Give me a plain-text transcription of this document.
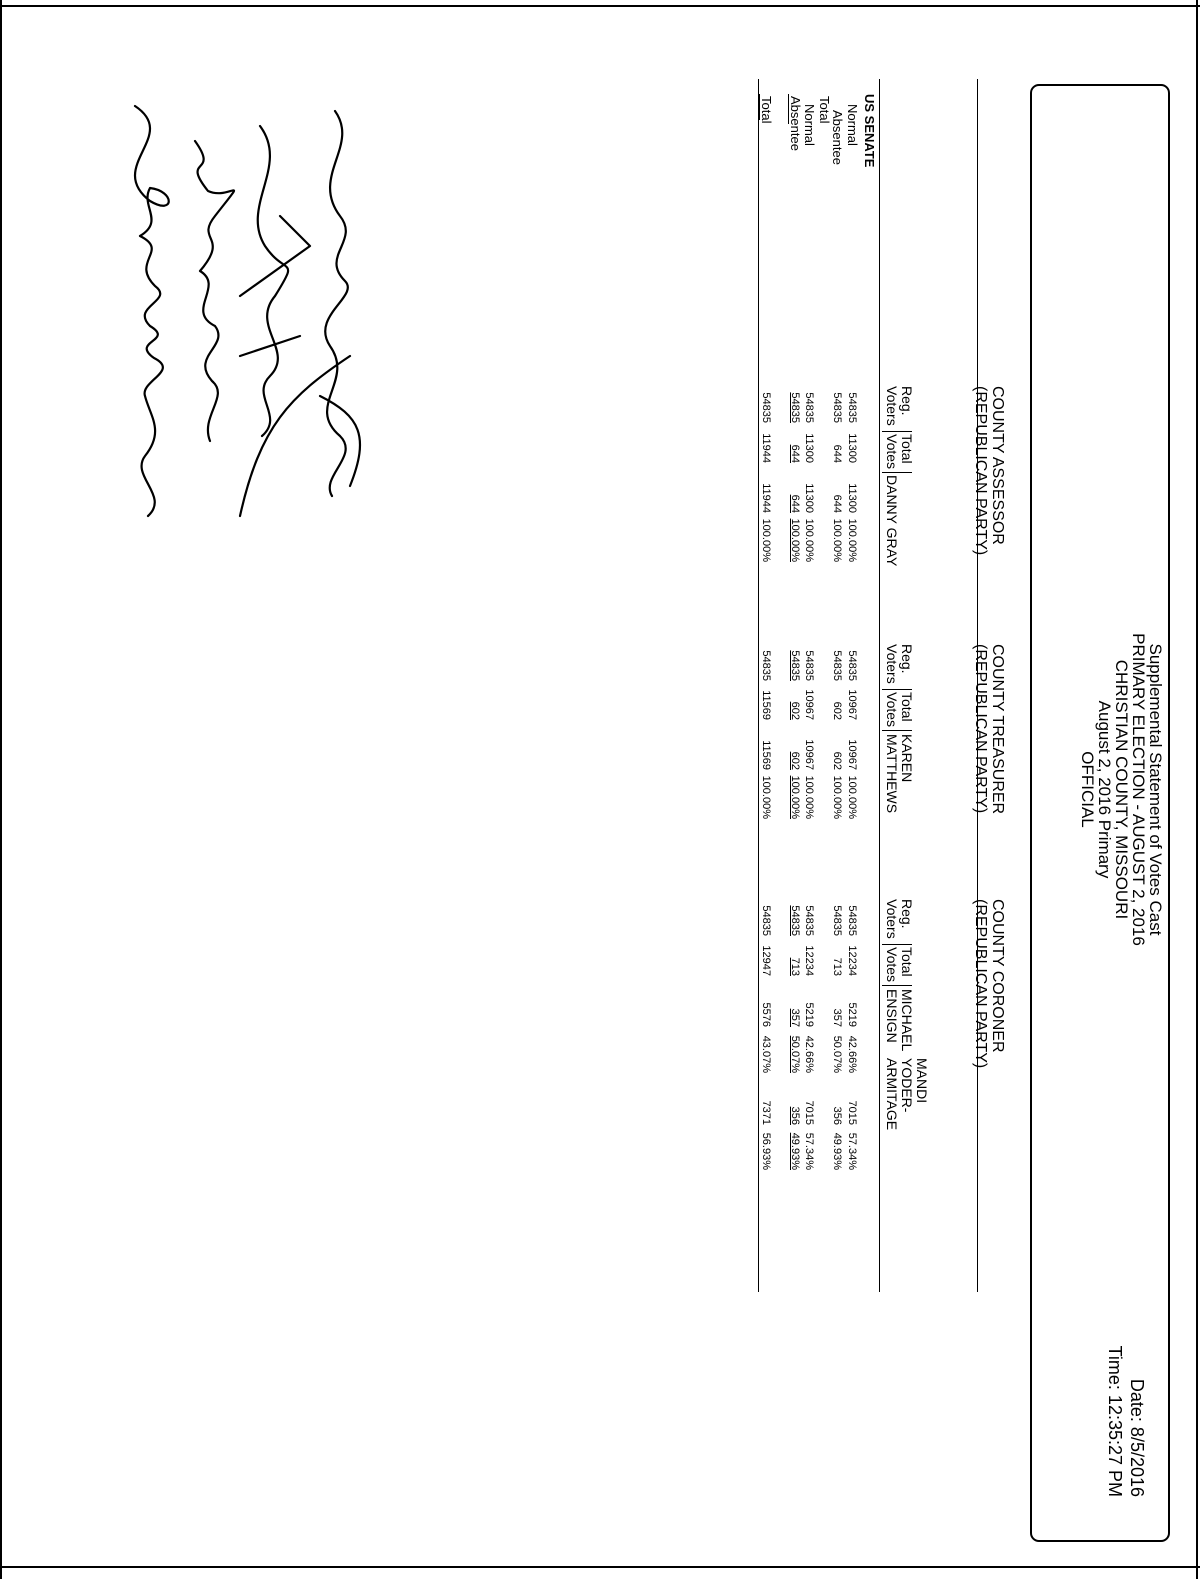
Supplemental Statement of Votes Cast
PRIMARY ELECTION - AUGUST 2, 2016
CHRISTIAN COUNTY, MISSOURI
August 2, 2016 Primary
OFFICIAL
Date: 8/5/2016
Time: 12:35:27 PM
COUNTY ASSESSOR
(REPUBLICAN PARTY)
COUNTY TREASURER
(REPUBLICAN PARTY)
COUNTY CORONER
(REPUBLICAN PARTY)
Reg.
Voters
Total
Votes
DANNY GRAY
Reg.
Voters
Total
Votes
KAREN
MATTHEWS
Reg.
Voters
Total
Votes
MICHAEL
ENSIGN
MANDI
YODER-
ARMITAGE
US SENATE
Normal
Absentee
Total
Normal
Absentee
Total
54835
11300
11300
100.00%
54835
644
644
100.00%
54835
11300
11300
100.00%
54835
644
644
100.00%
54835
11944
11944
100.00%
54835
10967
10967
100.00%
54835
602
602
100.00%
54835
10967
10967
100.00%
54835
602
602
100.00%
54835
11569
11569
100.00%
54835
12234
5219
42.66%
7015
57.34%
54835
713
357
50.07%
356
49.93%
54835
12234
5219
42.66%
7015
57.34%
54835
713
357
50.07%
356
49.93%
54835
12947
5576
43.07%
7371
56.93%
